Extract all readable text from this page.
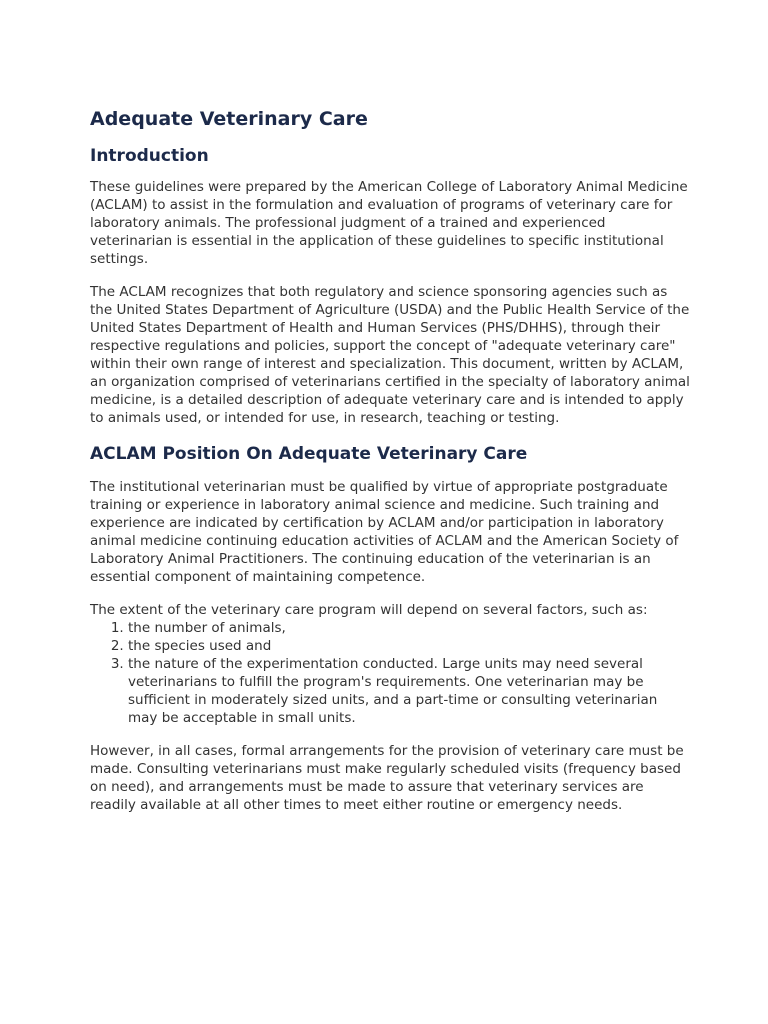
Adequate Veterinary Care
Introduction

These guidelines were prepared by the American College of Laboratory Animal Medicine (ACLAM) to assist in the formulation and evaluation of programs of veterinary care for laboratory animals. The professional judgment of a trained and experienced veterinarian is essential in the application of these guidelines to specific institutional settings.

The ACLAM recognizes that both regulatory and science sponsoring agencies such as the United States Department of Agriculture (USDA) and the Public Health Service of the United States Department of Health and Human Services (PHS/DHHS), through their respective regulations and policies, support the concept of "adequate veterinary care" within their own range of interest and specialization. This document, written by ACLAM, an organization comprised of veterinarians certified in the specialty of laboratory animal medicine, is a detailed description of adequate veterinary care and is intended to apply to animals used, or intended for use, in research, teaching or testing.

ACLAM Position On Adequate Veterinary Care

The institutional veterinarian must be qualified by virtue of appropriate postgraduate training or experience in laboratory animal science and medicine. Such training and experience are indicated by certification by ACLAM and/or participation in laboratory animal medicine continuing education activities of ACLAM and the American Society of Laboratory Animal Practitioners. The continuing education of the veterinarian is an essential component of maintaining competence.

The extent of the veterinary care program will depend on several factors, such as:

1. the number of animals,
2. the species used and
3. the nature of the experimentation conducted. Large units may need several veterinarians to fulfill the program's requirements. One veterinarian may be sufficient in moderately sized units, and a part-time or consulting veterinarian may be acceptable in small units.

However, in all cases, formal arrangements for the provision of veterinary care must be made. Consulting veterinarians must make regularly scheduled visits (frequency based on need), and arrangements must be made to assure that veterinary services are readily available at all other times to meet either routine or emergency needs.
